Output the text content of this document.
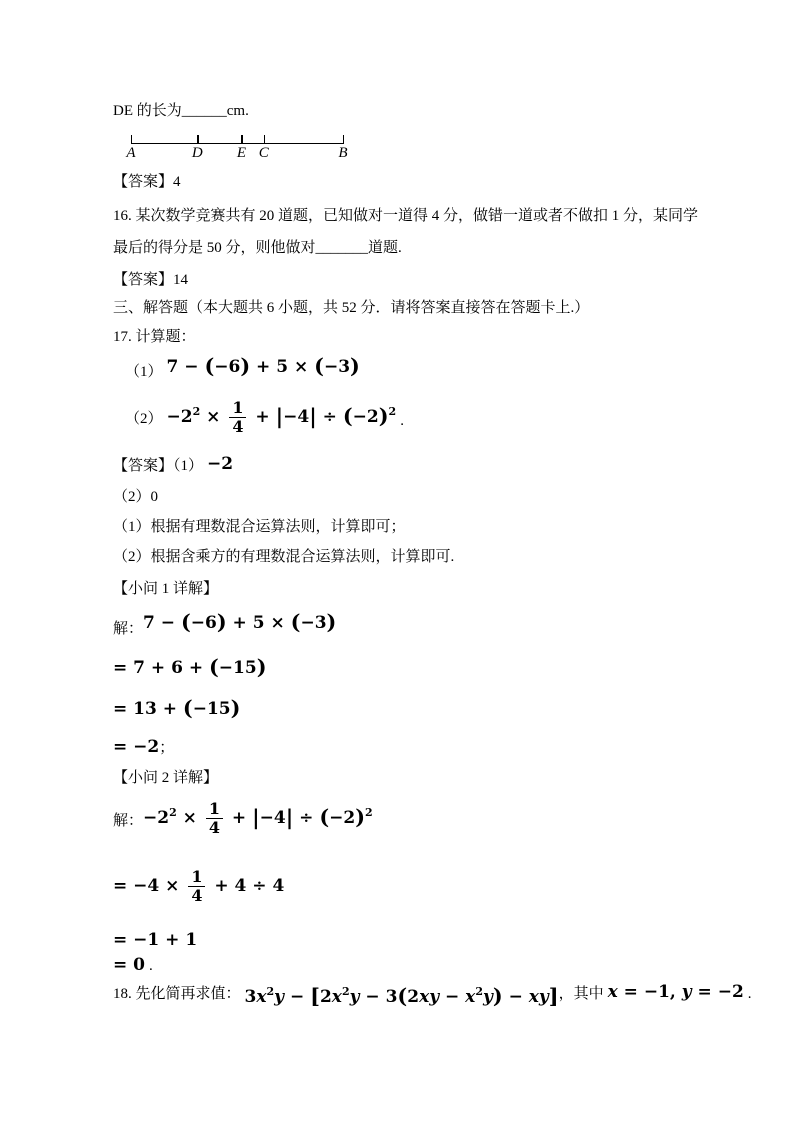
DE 的长为______cm.
A	D E C	B
【答案】4
16. 某次数学竞赛共有 20 道题，已知做对一道得 4 分，做错一道或者不做扣 1 分，某同学
最后的得分是 50 分，则他做对_______道题.
【答案】14
三、解答题（本大题共 6 小题，共 52 分．请将答案直接答在答题卡上.）
17. 计算题：
（1） 7 − (−6) + 5 × (−3)
$(2) -2^2 \times \frac{1}{4} + |-4| \div (-2)^2$
.
【答案】（1） −2
（2）0
（1）根据有理数混合运算法则，计算即可；
（2）根据含乘方的有理数混合运算法则，计算即可.
【小问 1 详解】
解： 7 − (−6) + 5 × (−3)
= 7 + 6 + (−15)
= 13 + (−15)
= −2 ；
【小问 2 详解】
解： $-2^2 \times \frac{1}{4} + |-4| \div (-2)^2$
= $-4 \times \frac{1}{4} + 4 \div 4$
= −1 + 1
= 0 .
18. 先化简再求值： $3x^2y - [2x^2y - 3(2xy - x^2y) - xy]$ ，其中 x = −1, y = −2 .
